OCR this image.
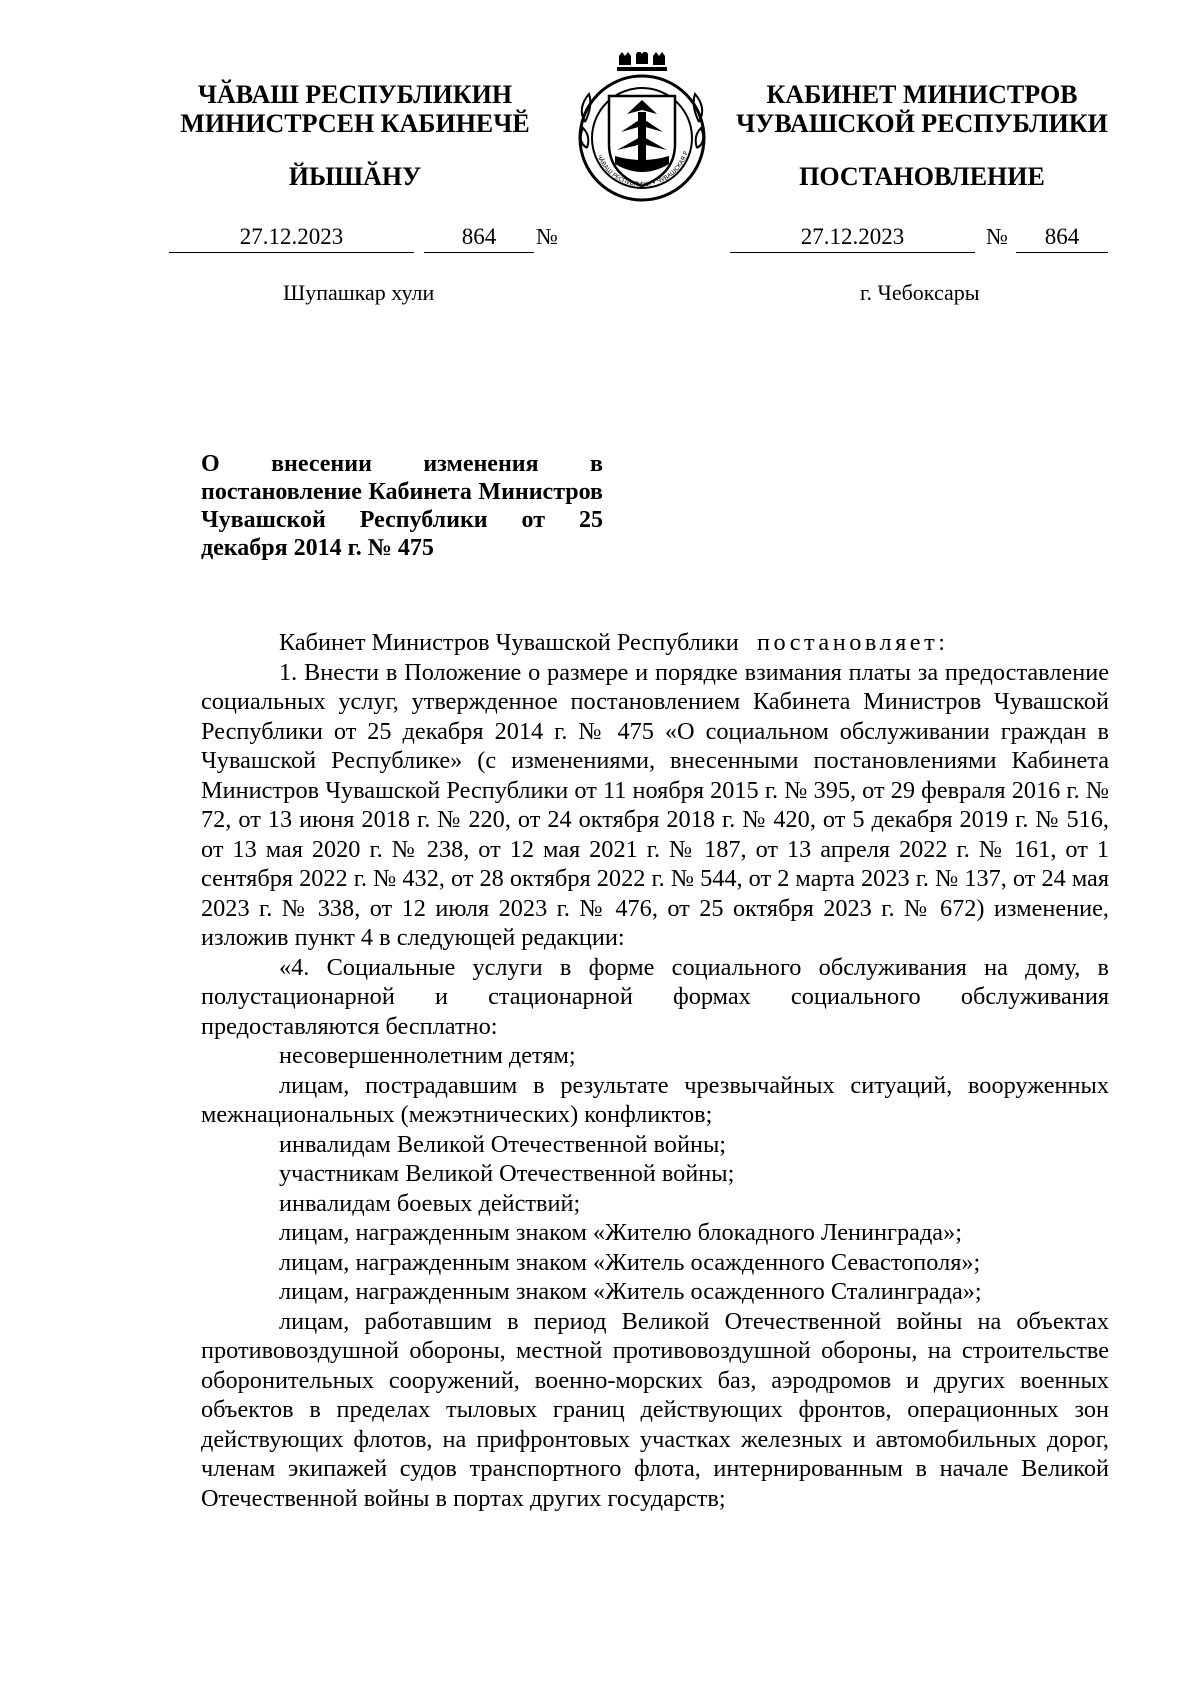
ЧӐВАШ РЕСПУБЛИКИН
МИНИСТРСЕН КАБИНЕЧӖ
ЙЫШӐНУ
КАБИНЕТ МИНИСТРОВ
ЧУВАШСКОЙ РЕСПУБЛИКИ
ПОСТАНОВЛЕНИЕ
ЧӐВАШ РЕСПУБЛИКИ • ЧУВАШСКАЯ Р
27.12.2023	864	№	27.12.2023	№	864
Шупашкар хули	г. Чебоксары
О внесении изменения в постановление Кабинета Министров Чувашской Республики от 25 декабря 2014 г. № 475

Кабинет Министров Чувашской Республики постановляет:

1. Внести в Положение о размере и порядке взимания платы за предоставление социальных услуг, утвержденное постановлением Кабинета Министров Чувашской Республики от 25 декабря 2014 г. № 475 «О социальном обслуживании граждан в Чувашской Республике» (с изменениями, внесенными постановлениями Кабинета Министров Чувашской Республики от 11 ноября 2015 г. № 395, от 29 февраля 2016 г. № 72, от 13 июня 2018 г. № 220, от 24 октября 2018 г. № 420, от 5 декабря 2019 г. № 516, от 13 мая 2020 г. № 238, от 12 мая 2021 г. № 187, от 13 апреля 2022 г. № 161, от 1 сентября 2022 г. № 432, от 28 октября 2022 г. № 544, от 2 марта 2023 г. № 137, от 24 мая 2023 г. № 338, от 12 июля 2023 г. № 476, от 25 октября 2023 г. № 672) изменение, изложив пункт 4 в следующей редакции:

«4. Социальные услуги в форме социального обслуживания на дому, в полустационарной и стационарной формах социального обслуживания предоставляются бесплатно:

несовершеннолетним детям;

лицам, пострадавшим в результате чрезвычайных ситуаций, вооруженных межнациональных (межэтнических) конфликтов;

инвалидам Великой Отечественной войны;

участникам Великой Отечественной войны;

инвалидам боевых действий;

лицам, награжденным знаком «Жителю блокадного Ленинграда»;

лицам, награжденным знаком «Житель осажденного Севастополя»;

лицам, награжденным знаком «Житель осажденного Сталинграда»;

лицам, работавшим в период Великой Отечественной войны на объектах противовоздушной обороны, местной противовоздушной обороны, на строительстве оборонительных сооружений, военно-морских баз, аэродромов и других военных объектов в пределах тыловых границ действующих фронтов, операционных зон действующих флотов, на прифронтовых участках железных и автомобильных дорог, членам экипажей судов транспортного флота, интернированным в начале Великой Отечественной войны в портах других государств;
